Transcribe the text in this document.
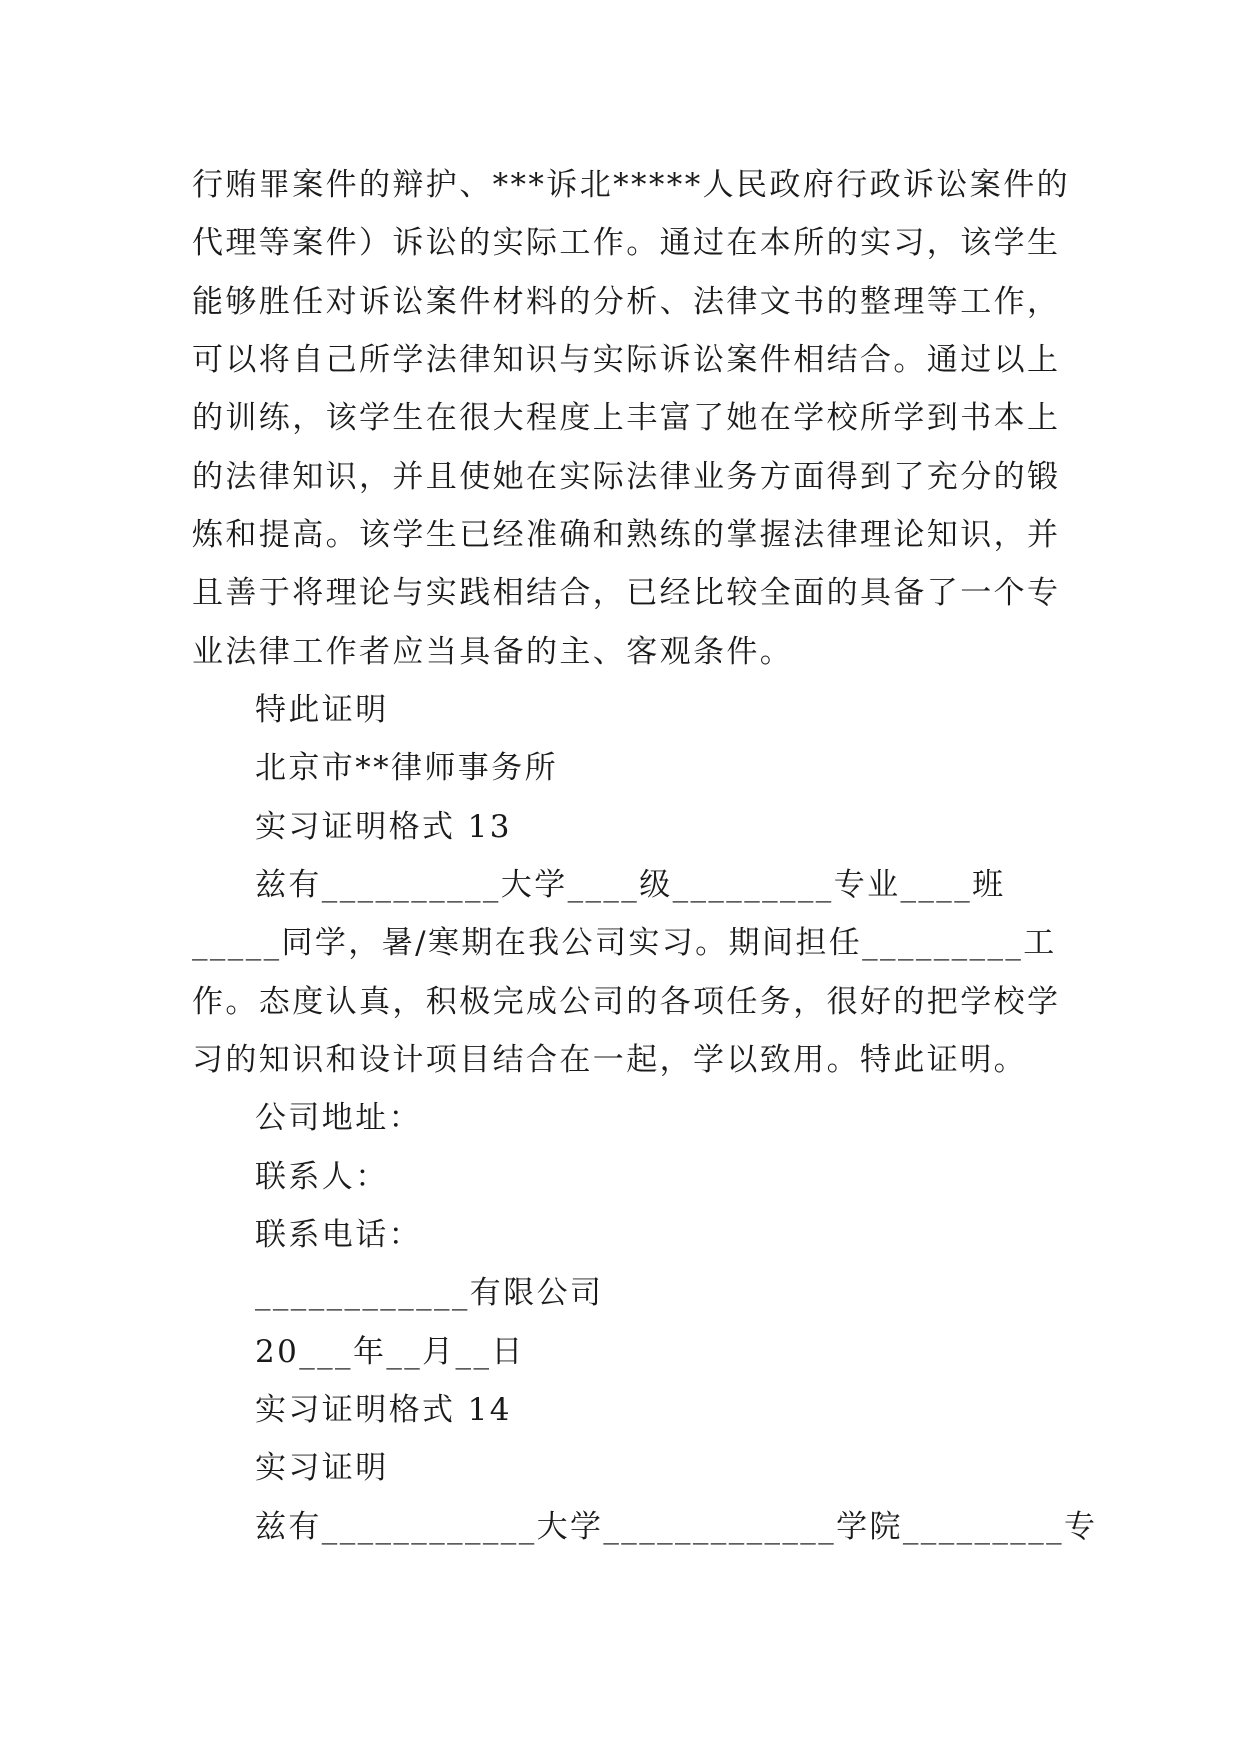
行贿罪案件的辩护、***诉北*****人民政府行政诉讼案件的
代理等案件）诉讼的实际工作。通过在本所的实习，该学生
能够胜任对诉讼案件材料的分析、法律文书的整理等工作，
可以将自己所学法律知识与实际诉讼案件相结合。通过以上
的训练，该学生在很大程度上丰富了她在学校所学到书本上
的法律知识，并且使她在实际法律业务方面得到了充分的锻
炼和提高。该学生已经准确和熟练的掌握法律理论知识，并
且善于将理论与实践相结合，已经比较全面的具备了一个专
业法律工作者应当具备的主、客观条件。
特此证明
北京市**律师事务所
实习证明格式 13
兹有__________大学____级_________专业____班
_____同学，暑/寒期在我公司实习。期间担任_________工
作。态度认真，积极完成公司的各项任务，很好的把学校学
习的知识和设计项目结合在一起，学以致用。特此证明。
公司地址：
联系人：
联系电话：
____________有限公司
20___年__月__日
实习证明格式 14
实习证明
兹有____________大学_____________学院_________专
